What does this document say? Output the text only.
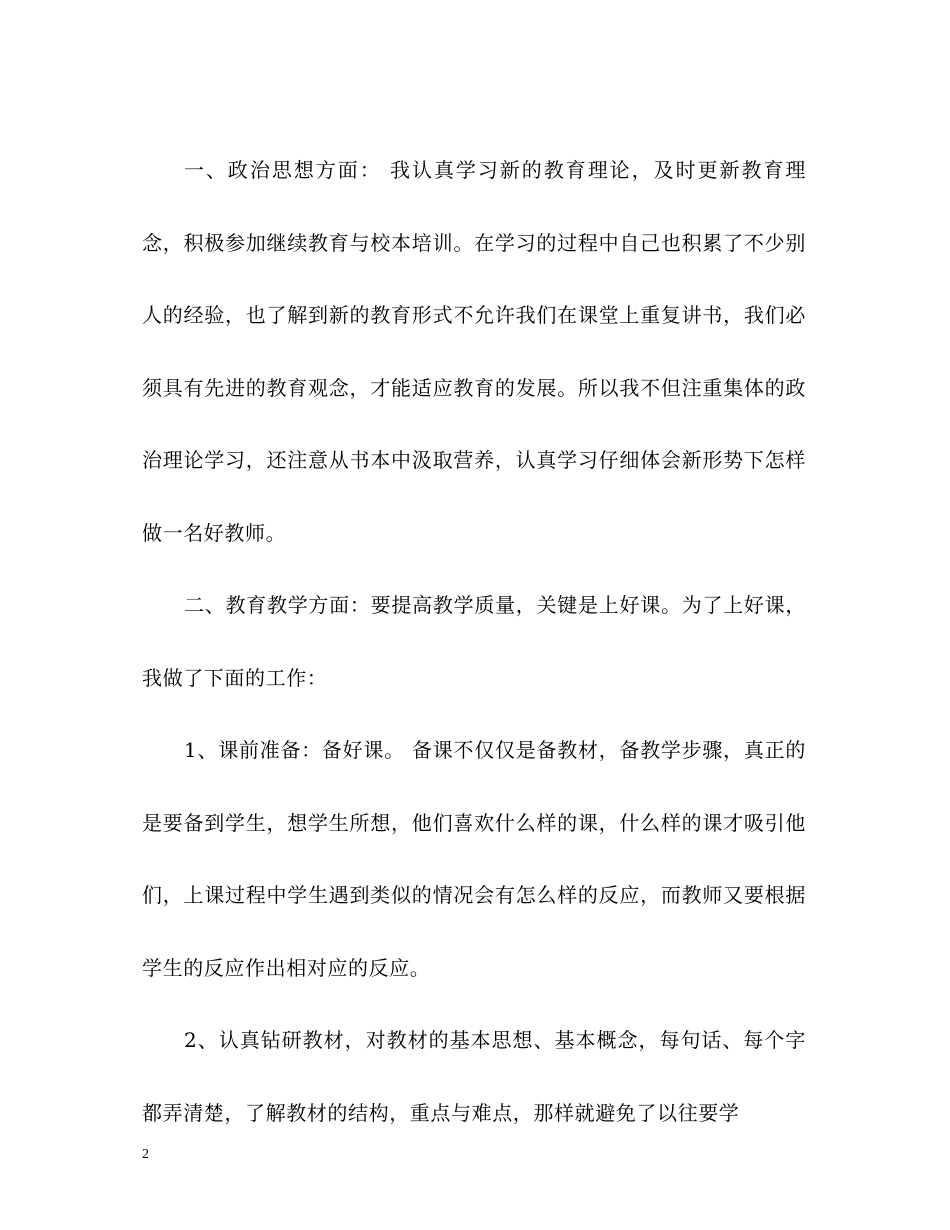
一、政治思想方面： 我认真学习新的教育理论，及时更新教育理念，积极参加继续教育与校本培训。在学习的过程中自己也积累了不少别人的经验，也了解到新的教育形式不允许我们在课堂上重复讲书，我们必须具有先进的教育观念，才能适应教育的发展。所以我不但注重集体的政治理论学习，还注意从书本中汲取营养，认真学习仔细体会新形势下怎样做一名好教师。

二、教育教学方面：要提高教学质量，关键是上好课。为了上好课，我做了下面的工作：

1、课前准备：备好课。 备课不仅仅是备教材，备教学步骤，真正的是要备到学生，想学生所想，他们喜欢什么样的课，什么样的课才吸引他们，上课过程中学生遇到类似的情况会有怎么样的反应，而教师又要根据学生的反应作出相对应的反应。

2、认真钻研教材，对教材的基本思想、基本概念，每句话、每个字都弄清楚，了解教材的结构，重点与难点，那样就避免了以往要学

2
